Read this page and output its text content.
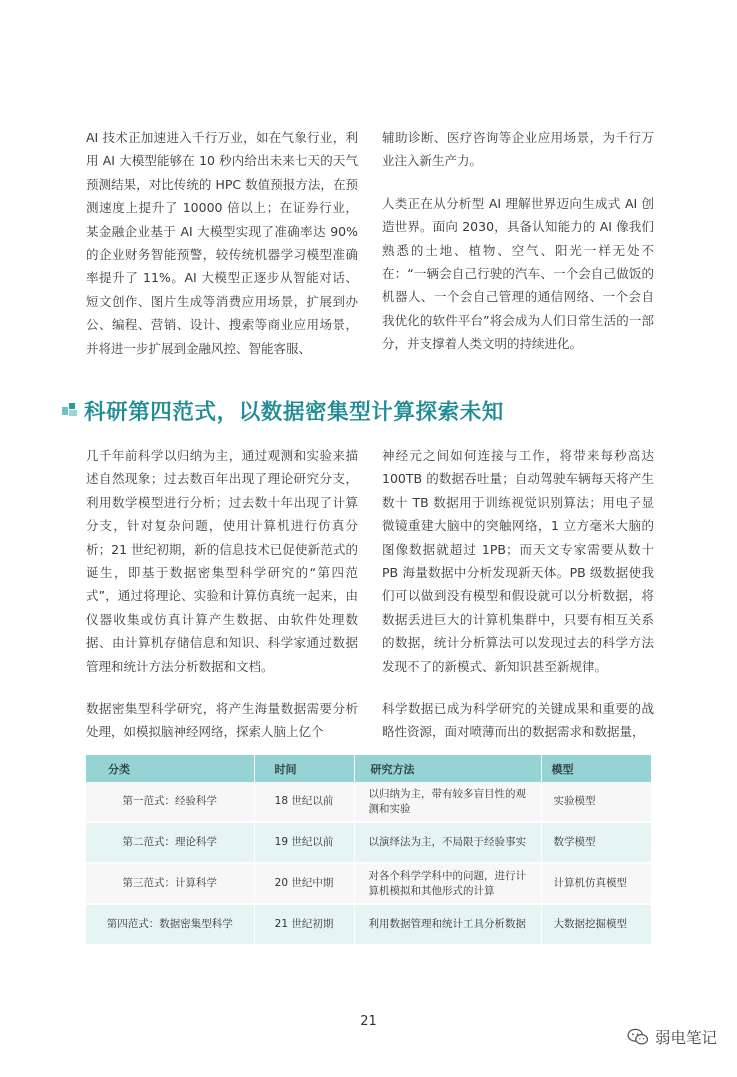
AI 技术正加速进入千行万业，如在气象行业，利用 AI 大模型能够在 10 秒内给出未来七天的天气预测结果，对比传统的 HPC 数值预报方法，在预测速度上提升了 10000 倍以上；在证券行业，某金融企业基于 AI 大模型实现了准确率达 90% 的企业财务智能预警，较传统机器学习模型准确率提升了 11%。AI 大模型正逐步从智能对话、短文创作、图片生成等消费应用场景，扩展到办公、编程、营销、设计、搜索等商业应用场景，并将进一步扩展到金融风控、智能客服、

辅助诊断、医疗咨询等企业应用场景，为千行万业注入新生产力。

人类正在从分析型 AI 理解世界迈向生成式 AI 创造世界。面向 2030，具备认知能力的 AI 像我们熟悉的土地、植物、空气、阳光一样无处不在：“一辆会自己行驶的汽车、一个会自己做饭的机器人、一个会自己管理的通信网络、一个会自我优化的软件平台”将会成为人们日常生活的一部分，并支撑着人类文明的持续进化。

科研第四范式，以数据密集型计算探索未知

几千年前科学以归纳为主，通过观测和实验来描述自然现象；过去数百年出现了理论研究分支，利用数学模型进行分析；过去数十年出现了计算分支，针对复杂问题，使用计算机进行仿真分析；21 世纪初期，新的信息技术已促使新范式的诞生，即基于数据密集型科学研究的“第四范式”，通过将理论、实验和计算仿真统一起来，由仪器收集或仿真计算产生数据、由软件处理数据、由计算机存储信息和知识、科学家通过数据管理和统计方法分析数据和文档。

数据密集型科学研究，将产生海量数据需要分析处理，如模拟脑神经网络，探索人脑上亿个

神经元之间如何连接与工作，将带来每秒高达 100TB 的数据吞吐量；自动驾驶车辆每天将产生数十 TB 数据用于训练视觉识别算法；用电子显微镜重建大脑中的突触网络，1 立方毫米大脑的图像数据就超过 1PB；而天文专家需要从数十 PB 海量数据中分析发现新天体。PB 级数据使我们可以做到没有模型和假设就可以分析数据，将数据丢进巨大的计算机集群中，只要有相互关系的数据，统计分析算法可以发现过去的科学方法发现不了的新模式、新知识甚至新规律。

科学数据已成为科学研究的关键成果和重要的战略性资源，面对喷薄而出的数据需求和数据量，

分类	时间	研究方法	模型
第一范式：经验科学	18 世纪以前	以归纳为主，带有较多盲目性的观测和实验	实验模型
第二范式：理论科学	19 世纪以前	以演绎法为主，不局限于经验事实	数学模型
第三范式：计算科学	20 世纪中期	对各个科学学科中的问题，进行计算机模拟和其他形式的计算	计算机仿真模型
第四范式：数据密集型科学	21 世纪初期	利用数据管理和统计工具分析数据	大数据挖掘模型
21
弱电笔记
